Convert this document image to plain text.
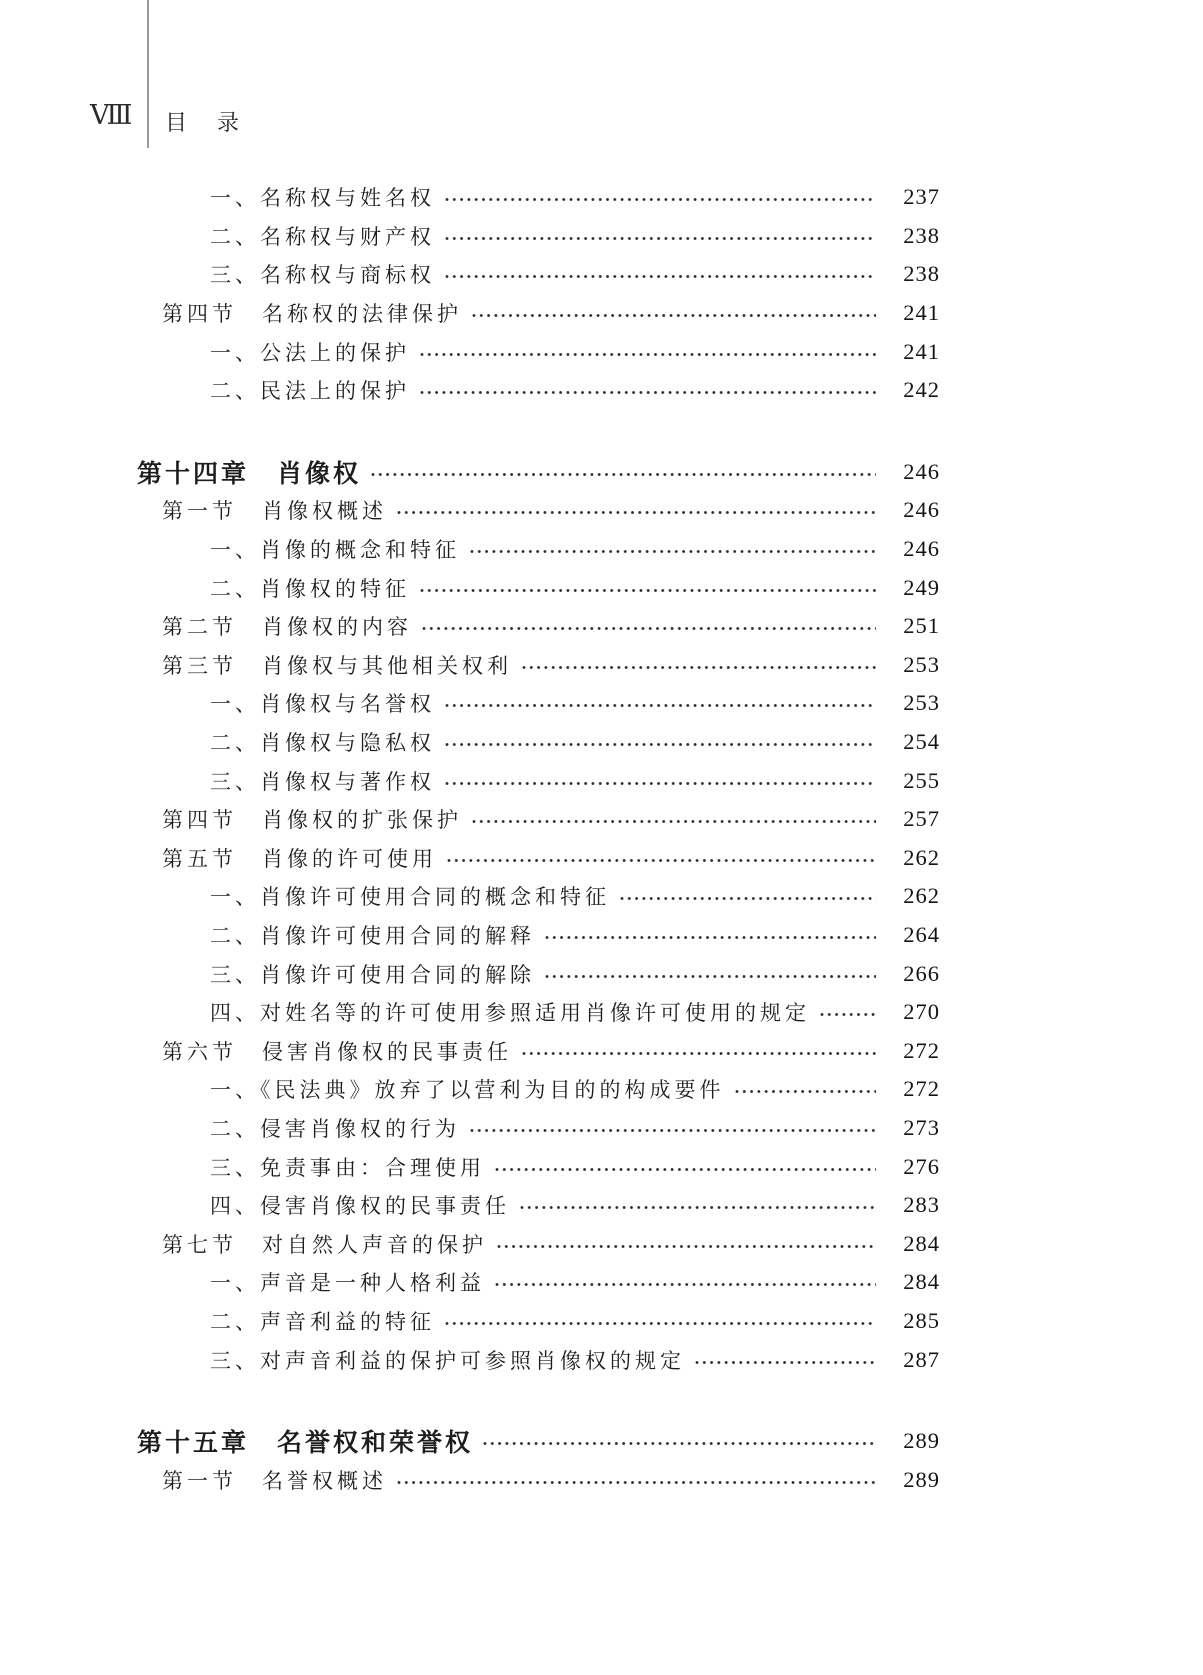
Ⅷ 目　录
一、名称权与姓名权	237
二、名称权与财产权	238
三、名称权与商标权	238
第四节　名称权的法律保护	241
一、公法上的保护	241
二、民法上的保护	242
第十四章　肖像权	246
第一节　肖像权概述	246
一、肖像的概念和特征	246
二、肖像权的特征	249
第二节　肖像权的内容	251
第三节　肖像权与其他相关权利	253
一、肖像权与名誉权	253
二、肖像权与隐私权	254
三、肖像权与著作权	255
第四节　肖像权的扩张保护	257
第五节　肖像的许可使用	262
一、肖像许可使用合同的概念和特征	262
二、肖像许可使用合同的解释	264
三、肖像许可使用合同的解除	266
四、对姓名等的许可使用参照适用肖像许可使用的规定	270
第六节　侵害肖像权的民事责任	272
一、《民法典》放弃了以营利为目的的构成要件	272
二、侵害肖像权的行为	273
三、免责事由：合理使用	276
四、侵害肖像权的民事责任	283
第七节　对自然人声音的保护	284
一、声音是一种人格利益	284
二、声音利益的特征	285
三、对声音利益的保护可参照肖像权的规定	287
第十五章　名誉权和荣誉权	289
第一节　名誉权概述	289
